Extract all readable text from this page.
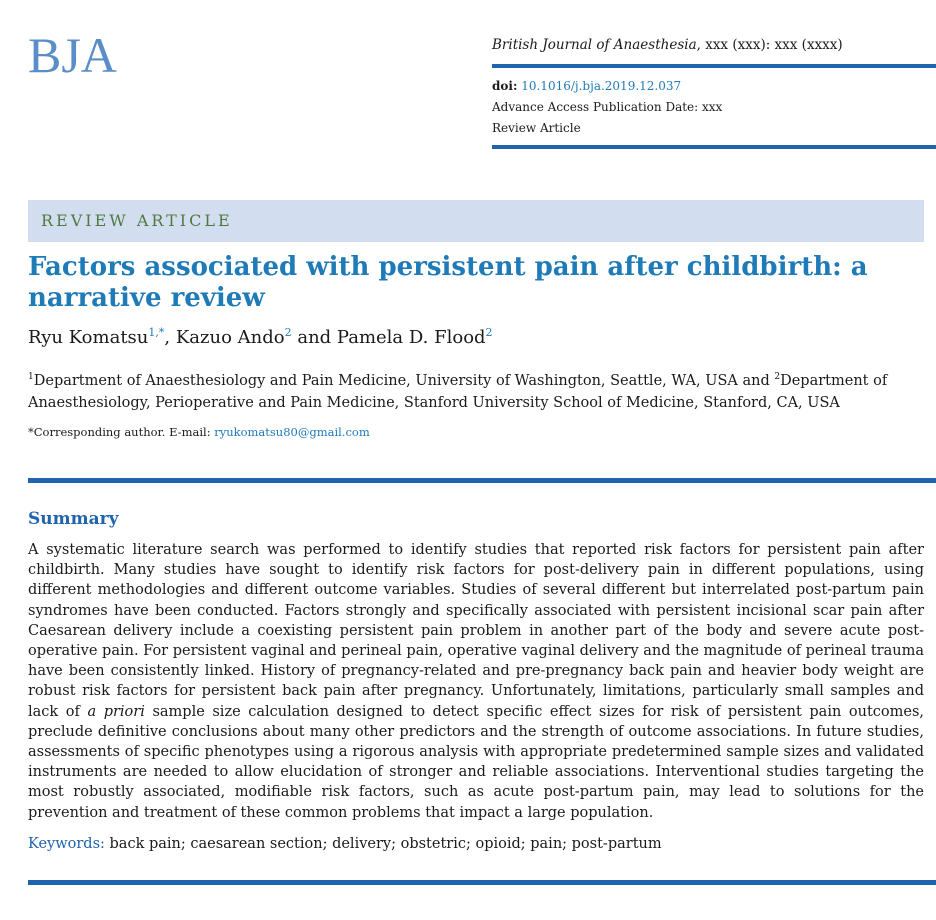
BJA	British Journal of Anaesthesia, xxx (xxx): xxx (xxxx)
doi: 10.1016/j.bja.2019.12.037
Advance Access Publication Date: xxx
Review Article
REVIEW ARTICLE
Factors associated with persistent pain after childbirth: a narrative review
Ryu Komatsu$^{1,*}$, Kazuo Ando$^2$ and Pamela D. Flood$^2$
$^1$Department of Anaesthesiology and Pain Medicine, University of Washington, Seattle, WA, USA and $^2$Department of Anaesthesiology, Perioperative and Pain Medicine, Stanford University School of Medicine, Stanford, CA, USA
*Corresponding author. E-mail: ryukomatsu80@gmail.com
Summary

A systematic literature search was performed to identify studies that reported risk factors for persistent pain after childbirth. Many studies have sought to identify risk factors for post-delivery pain in different populations, using different methodologies and different outcome variables. Studies of several different but interrelated post-partum pain syndromes have been conducted. Factors strongly and specifically associated with persistent incisional scar pain after Caesarean delivery include a coexisting persistent pain problem in another part of the body and severe acute post-operative pain. For persistent vaginal and perineal pain, operative vaginal delivery and the magnitude of perineal trauma have been consistently linked. History of pregnancy-related and pre-pregnancy back pain and heavier body weight are robust risk factors for persistent back pain after pregnancy. Unfortunately, limitations, particularly small samples and lack of a priori sample size calculation designed to detect specific effect sizes for risk of persistent pain outcomes, preclude definitive conclusions about many other predictors and the strength of outcome associations. In future studies, assessments of specific phenotypes using a rigorous analysis with appropriate predetermined sample sizes and validated instruments are needed to allow elucidation of stronger and reliable associations. Interventional studies targeting the most robustly associated, modifiable risk factors, such as acute post-partum pain, may lead to solutions for the prevention and treatment of these common problems that impact a large population.

Keywords: back pain; caesarean section; delivery; obstetric; opioid; pain; post-partum
